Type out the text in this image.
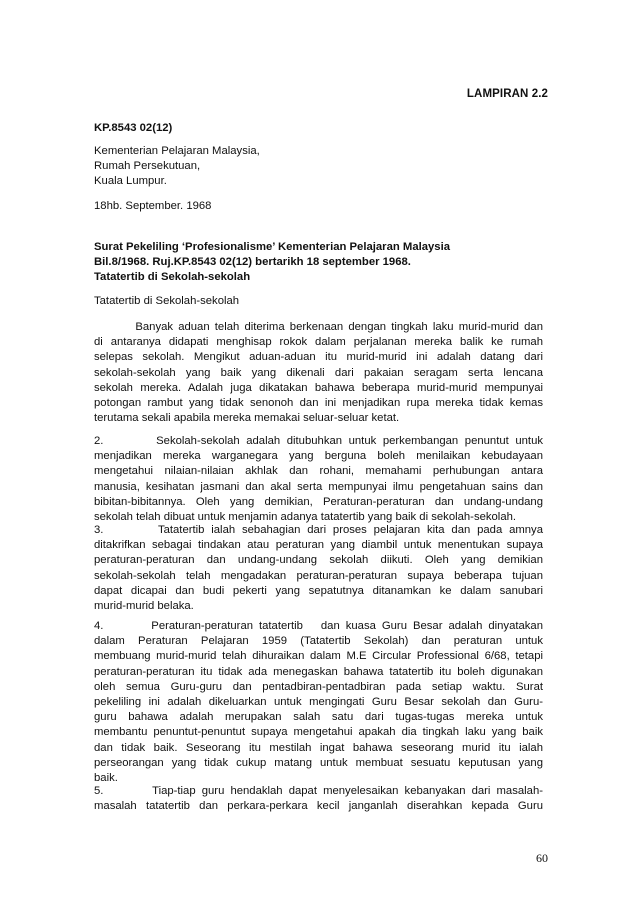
LAMPIRAN 2.2
KP.8543 02(12)
Kementerian Pelajaran Malaysia,
Rumah Persekutuan,
Kuala Lumpur.
18hb. September. 1968
Surat Pekeliling ‘Profesionalisme’ Kementerian Pelajaran Malaysia
Bil.8/1968. Ruj.KP.8543 02(12) bertarikh 18 september 1968.
Tatatertib di Sekolah-sekolah
Tatatertib di Sekolah-sekolah
Banyak aduan telah diterima berkenaan dengan tingkah laku murid-murid dan
di antaranya didapati menghisap rokok dalam perjalanan mereka balik ke rumah
selepas sekolah. Mengikut aduan-aduan itu murid-murid ini adalah datang dari
sekolah-sekolah yang baik yang dikenali dari pakaian seragam serta lencana
sekolah mereka. Adalah juga dikatakan bahawa beberapa murid-murid mempunyai
potongan rambut yang tidak senonoh dan ini menjadikan rupa mereka tidak kemas
terutama sekali apabila mereka memakai seluar-seluar ketat.
2.        Sekolah-sekolah adalah ditubuhkan untuk perkembangan penuntut untuk
menjadikan mereka warganegara yang berguna boleh menilaikan kebudayaan
mengetahui nilaian-nilaian akhlak dan rohani, memahami perhubungan antara
manusia, kesihatan jasmani dan akal serta mempunyai ilmu pengetahuan sains dan
bibitan-bibitannya. Oleh yang demikian, Peraturan-peraturan dan undang-undang
sekolah telah dibuat untuk menjamin adanya tatatertib yang baik di sekolah-sekolah.
3.        Tatatertib ialah sebahagian dari proses pelajaran kita dan pada amnya
ditakrifkan sebagai tindakan atau peraturan yang diambil untuk menentukan supaya
peraturan-peraturan dan undang-undang sekolah diikuti. Oleh yang demikian
sekolah-sekolah telah mengadakan peraturan-peraturan supaya beberapa tujuan
dapat dicapai dan budi pekerti yang sepatutnya ditanamkan ke dalam sanubari
murid-murid belaka.
4.        Peraturan-peraturan tatatertib   dan kuasa Guru Besar adalah dinyatakan
dalam Peraturan Pelajaran 1959 (Tatatertib Sekolah) dan peraturan untuk
membuang murid-murid telah dihuraikan dalam M.E Circular Professional 6/68, tetapi
peraturan-peraturan itu tidak ada menegaskan bahawa tatatertib itu boleh digunakan
oleh semua Guru-guru dan pentadbiran-pentadbiran pada setiap waktu. Surat
pekeliling ini adalah dikeluarkan untuk mengingati Guru Besar sekolah dan Guru-
guru bahawa adalah merupakan salah satu dari tugas-tugas mereka untuk
membantu penuntut-penuntut supaya mengetahui apakah dia tingkah laku yang baik
dan tidak baik. Seseorang itu mestilah ingat bahawa seseorang murid itu ialah
perseorangan yang tidak cukup matang untuk membuat sesuatu keputusan yang
baik.
5.        Tiap-tiap guru hendaklah dapat menyelesaikan kebanyakan dari masalah-
masalah tatatertib dan perkara-perkara kecil janganlah diserahkan kepada Guru
60
